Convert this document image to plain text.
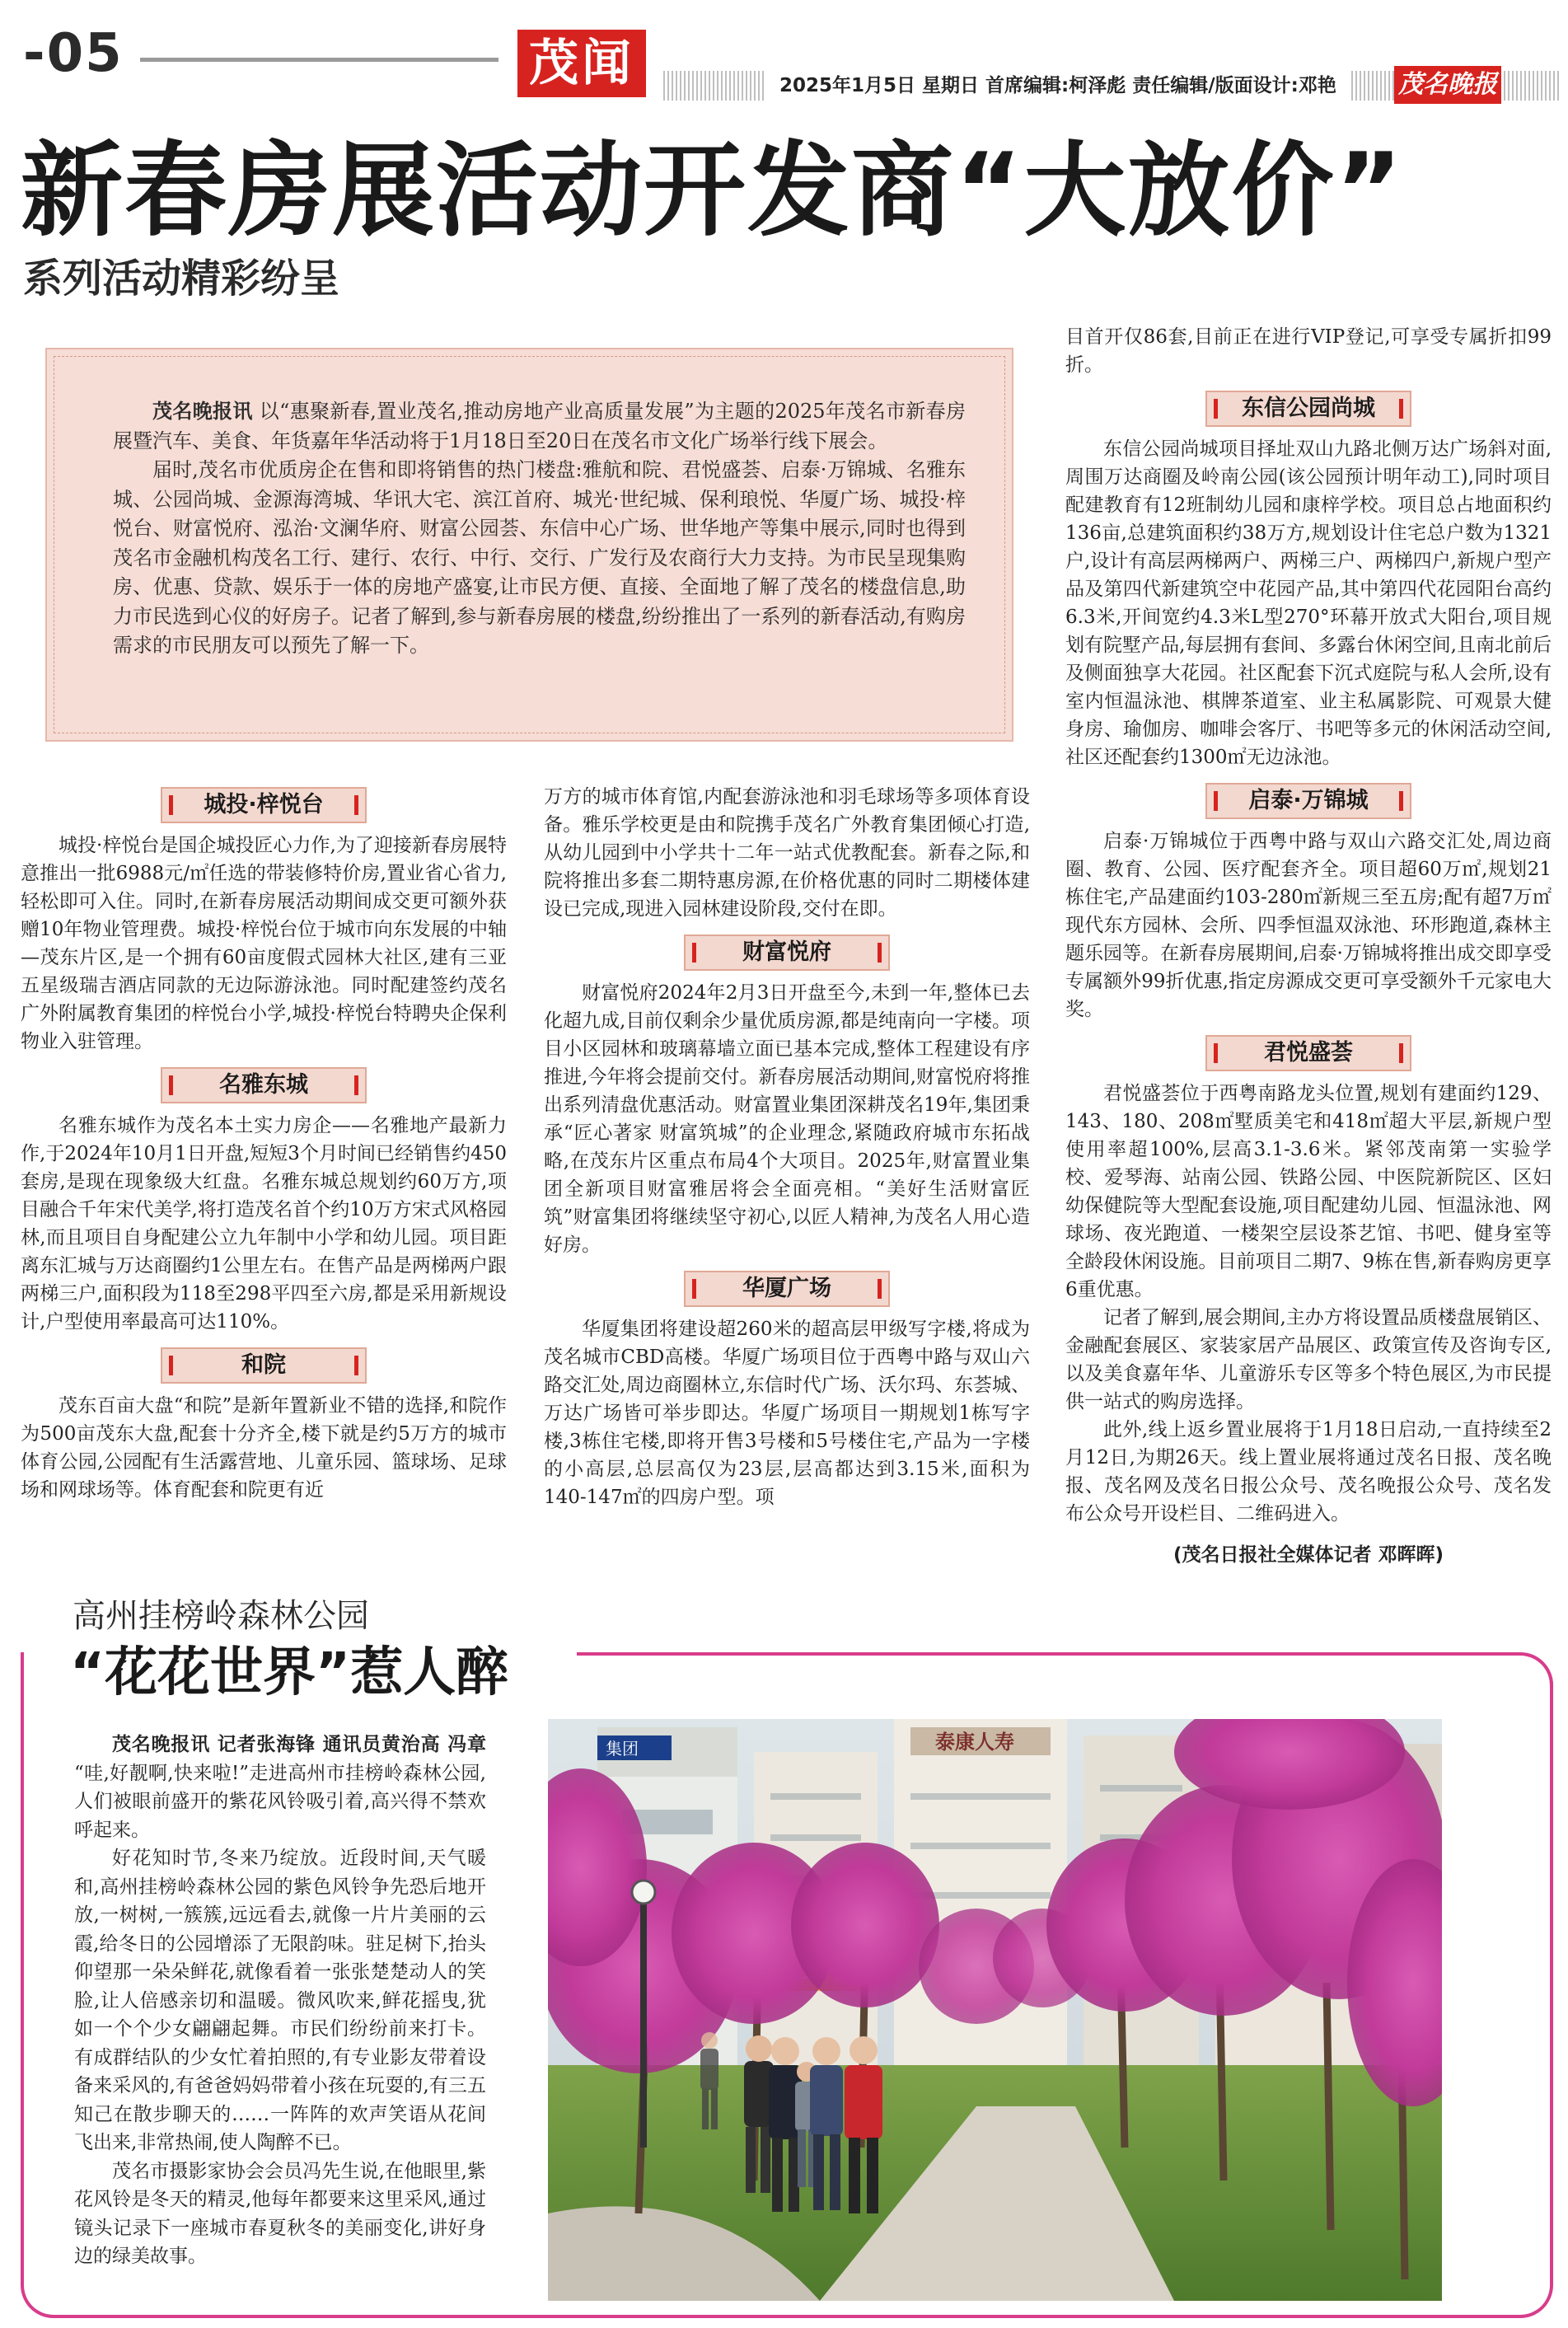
-05	茂闻	2025年1月5日 星期日 首席编辑:柯泽彪 责任编辑/版面设计:邓艳	茂名晚报
新春房展活动开发商“大放价”
系列活动精彩纷呈

茂名晚报讯 以“惠聚新春,置业茂名,推动房地产业高质量发展”为主题的2025年茂名市新春房展暨汽车、美食、年货嘉年华活动将于1月18日至20日在茂名市文化广场举行线下展会。

届时,茂名市优质房企在售和即将销售的热门楼盘:雅航和院、君悦盛荟、启泰·万锦城、名雅东城、公园尚城、金源海湾城、华讯大宅、滨江首府、城光·世纪城、保利琅悦、华厦广场、城投·梓悦台、财富悦府、泓治·文澜华府、财富公园荟、东信中心广场、世华地产等集中展示,同时也得到茂名市金融机构茂名工行、建行、农行、中行、交行、广发行及农商行大力支持。为市民呈现集购房、优惠、贷款、娱乐于一体的房地产盛宴,让市民方便、直接、全面地了解了茂名的楼盘信息,助力市民选到心仪的好房子。记者了解到,参与新春房展的楼盘,纷纷推出了一系列的新春活动,有购房需求的市民朋友可以预先了解一下。

城投·梓悦台

城投·梓悦台是国企城投匠心力作,为了迎接新春房展特意推出一批6988元/㎡任选的带装修特价房,置业省心省力,轻松即可入住。同时,在新春房展活动期间成交更可额外获赠10年物业管理费。城投·梓悦台位于城市向东发展的中轴—茂东片区,是一个拥有60亩度假式园林大社区,建有三亚五星级瑞吉酒店同款的无边际游泳池。同时配建签约茂名广外附属教育集团的梓悦台小学,城投·梓悦台特聘央企保利物业入驻管理。

名雅东城

名雅东城作为茂名本土实力房企——名雅地产最新力作,于2024年10月1日开盘,短短3个月时间已经销售约450套房,是现在现象级大红盘。名雅东城总规划约60万方,项目融合千年宋代美学,将打造茂名首个约10万方宋式风格园林,而且项目自身配建公立九年制中小学和幼儿园。项目距离东汇城与万达商圈约1公里左右。在售产品是两梯两户跟两梯三户,面积段为118至298平四至六房,都是采用新规设计,户型使用率最高可达110%。

和院

茂东百亩大盘“和院”是新年置新业不错的选择,和院作为500亩茂东大盘,配套十分齐全,楼下就是约5万方的城市体育公园,公园配有生活露营地、儿童乐园、篮球场、足球场和网球场等。体育配套和院更有近

万方的城市体育馆,内配套游泳池和羽毛球场等多项体育设备。雅乐学校更是由和院携手茂名广外教育集团倾心打造,从幼儿园到中小学共十二年一站式优教配套。新春之际,和院将推出多套二期特惠房源,在价格优惠的同时二期楼体建设已完成,现进入园林建设阶段,交付在即。

财富悦府

财富悦府2024年2月3日开盘至今,未到一年,整体已去化超九成,目前仅剩余少量优质房源,都是纯南向一字楼。项目小区园林和玻璃幕墙立面已基本完成,整体工程建设有序推进,今年将会提前交付。新春房展活动期间,财富悦府将推出系列清盘优惠活动。财富置业集团深耕茂名19年,集团秉承“匠心著家 财富筑城”的企业理念,紧随政府城市东拓战略,在茂东片区重点布局4个大项目。2025年,财富置业集团全新项目财富雅居将会全面亮相。“美好生活财富匠筑”财富集团将继续坚守初心,以匠人精神,为茂名人用心造好房。

华厦广场

华厦集团将建设超260米的超高层甲级写字楼,将成为茂名城市CBD高楼。华厦广场项目位于西粤中路与双山六路交汇处,周边商圈林立,东信时代广场、沃尔玛、东荟城、万达广场皆可举步即达。华厦广场项目一期规划1栋写字楼,3栋住宅楼,即将开售3号楼和5号楼住宅,产品为一字楼的小高层,总层高仅为23层,层高都达到3.15米,面积为140-147㎡的四房户型。项

目首开仅86套,目前正在进行VIP登记,可享受专属折扣99折。

东信公园尚城

东信公园尚城项目择址双山九路北侧万达广场斜对面,周围万达商圈及岭南公园(该公园预计明年动工),同时项目配建教育有12班制幼儿园和康梓学校。项目总占地面积约136亩,总建筑面积约38万方,规划设计住宅总户数为1321户,设计有高层两梯两户、两梯三户、两梯四户,新规户型产品及第四代新建筑空中花园产品,其中第四代花园阳台高约6.3米,开间宽约4.3米L型270°环幕开放式大阳台,项目规划有院墅产品,每层拥有套间、多露台休闲空间,且南北前后及侧面独享大花园。社区配套下沉式庭院与私人会所,设有室内恒温泳池、棋牌茶道室、业主私属影院、可观景大健身房、瑜伽房、咖啡会客厅、书吧等多元的休闲活动空间,社区还配套约1300㎡无边泳池。

启泰·万锦城

启泰·万锦城位于西粤中路与双山六路交汇处,周边商圈、教育、公园、医疗配套齐全。项目超60万㎡,规划21栋住宅,产品建面约103-280㎡新规三至五房;配有超7万㎡现代东方园林、会所、四季恒温双泳池、环形跑道,森林主题乐园等。在新春房展期间,启泰·万锦城将推出成交即享受专属额外99折优惠,指定房源成交更可享受额外千元家电大奖。

君悦盛荟

君悦盛荟位于西粤南路龙头位置,规划有建面约129、143、180、208㎡墅质美宅和418㎡超大平层,新规户型使用率超100%,层高3.1-3.6米。紧邻茂南第一实验学校、爱琴海、站南公园、铁路公园、中医院新院区、区妇幼保健院等大型配套设施,项目配建幼儿园、恒温泳池、网球场、夜光跑道、一楼架空层设茶艺馆、书吧、健身室等全龄段休闲设施。目前项目二期7、9栋在售,新春购房更享6重优惠。

记者了解到,展会期间,主办方将设置品质楼盘展销区、金融配套展区、家装家居产品展区、政策宣传及咨询专区,以及美食嘉年华、儿童游乐专区等多个特色展区,为市民提供一站式的购房选择。

此外,线上返乡置业展将于1月18日启动,一直持续至2月12日,为期26天。线上置业展将通过茂名日报、茂名晚报、茂名网及茂名日报公众号、茂名晚报公众号、茂名发布公众号开设栏目、二维码进入。

(茂名日报社全媒体记者 邓晖晖)

高州挂榜岭森林公园
“花花世界”惹人醉

茂名晚报讯 记者张海锋 通讯员黄治高 冯章 “哇,好靓啊,快来啦!”走进高州市挂榜岭森林公园,人们被眼前盛开的紫花风铃吸引着,高兴得不禁欢呼起来。

好花知时节,冬来乃绽放。近段时间,天气暖和,高州挂榜岭森林公园的紫色风铃争先恐后地开放,一树树,一簇簇,远远看去,就像一片片美丽的云霞,给冬日的公园增添了无限韵味。驻足树下,抬头仰望那一朵朵鲜花,就像看着一张张楚楚动人的笑脸,让人倍感亲切和温暖。微风吹来,鲜花摇曳,犹如一个个少女翩翩起舞。市民们纷纷前来打卡。有成群结队的少女忙着拍照的,有专业影友带着设备来采风的,有爸爸妈妈带着小孩在玩耍的,有三五知己在散步聊天的……一阵阵的欢声笑语从花间飞出来,非常热闹,使人陶醉不已。

茂名市摄影家协会会员冯先生说,在他眼里,紫花风铃是冬天的精灵,他每年都要来这里采风,通过镜头记录下一座城市春夏秋冬的美丽变化,讲好身边的绿美故事。

集团	泰康人寿
